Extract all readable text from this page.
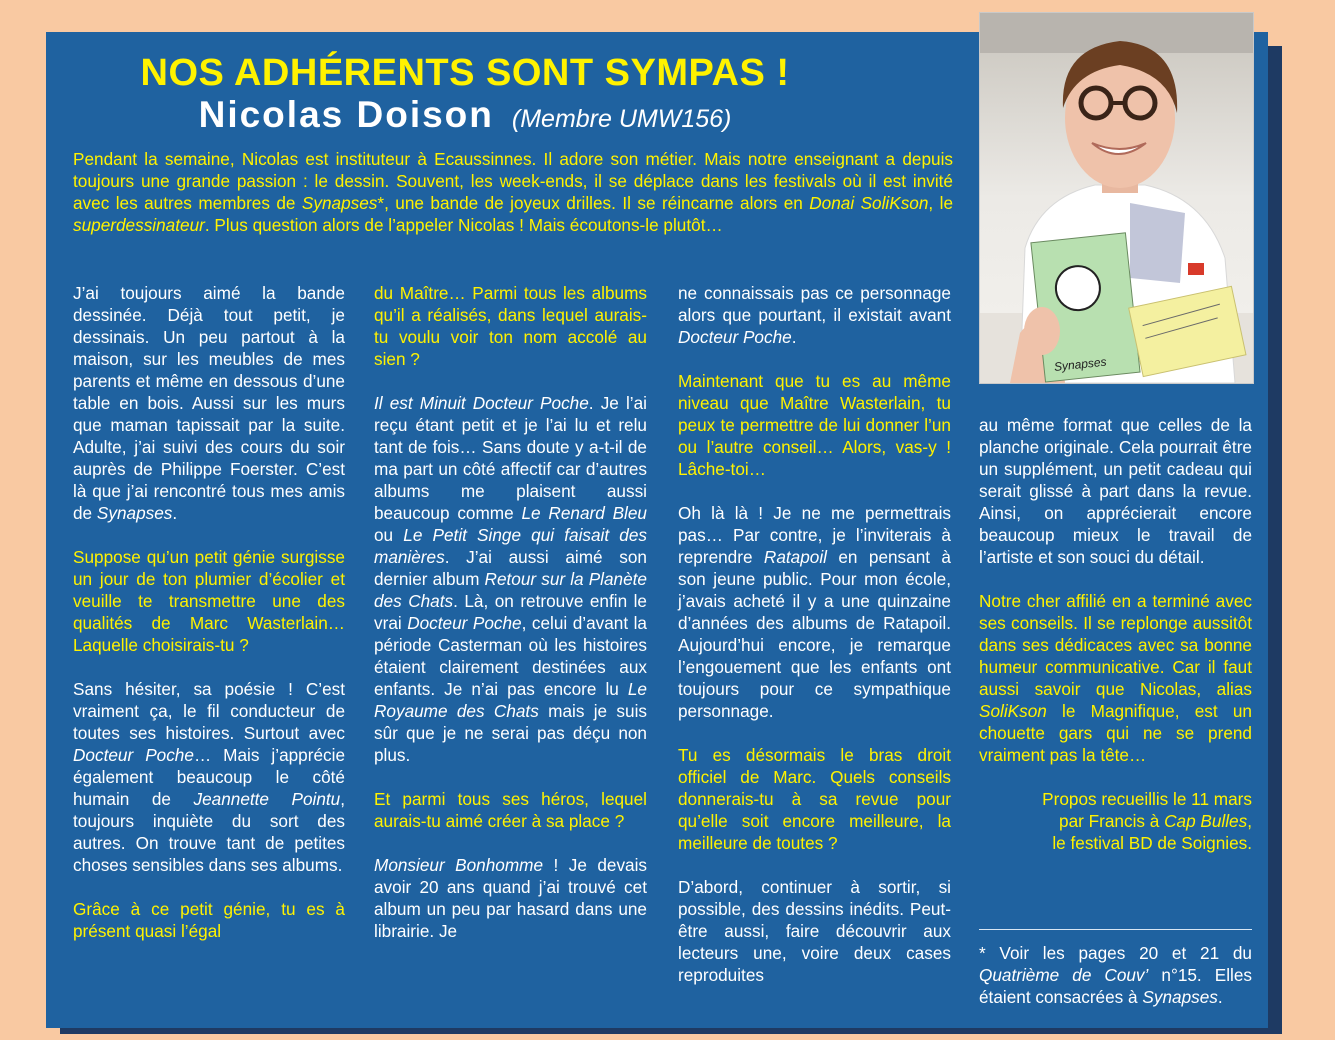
NOS ADHÉRENTS SONT SYMPAS !
Nicolas Doison (Membre UMW156)

Pendant la semaine, Nicolas est instituteur à Ecaussinnes. Il adore son métier. Mais notre enseignant a depuis toujours une grande passion : le dessin. Souvent, les week-ends, il se déplace dans les festivals où il est invité avec les autres membres de Synapses*, une bande de joyeux drilles. Il se réincarne alors en Donai SoliKson, le superdessinateur. Plus question alors de l’appeler Nicolas ! Mais écoutons-le plutôt…

J’ai toujours aimé la bande dessinée. Déjà tout petit, je dessinais. Un peu partout à la maison, sur les meubles de mes parents et même en dessous d’une table en bois. Aussi sur les murs que maman tapissait par la suite. Adulte, j’ai suivi des cours du soir auprès de Philippe Foerster. C’est là que j’ai rencontré tous mes amis de Synapses.

Suppose qu’un petit génie surgisse un jour de ton plumier d’écolier et veuille te transmettre une des qualités de Marc Wasterlain… Laquelle choisirais-tu ?

Sans hésiter, sa poésie ! C’est vraiment ça, le fil conducteur de toutes ses histoires. Surtout avec Docteur Poche… Mais j’apprécie également beaucoup le côté humain de Jeannette Pointu, toujours inquiète du sort des autres. On trouve tant de petites choses sensibles dans ses albums.

Grâce à ce petit génie, tu es à présent quasi l’égal

du Maître… Parmi tous les albums qu’il a réalisés, dans lequel aurais-tu voulu voir ton nom accolé au sien ?

Il est Minuit Docteur Poche. Je l’ai reçu étant petit et je l’ai lu et relu tant de fois… Sans doute y a-t-il de ma part un côté affectif car d’autres albums me plaisent aussi beaucoup comme Le Renard Bleu ou Le Petit Singe qui faisait des manières. J’ai aussi aimé son dernier album Retour sur la Planète des Chats. Là, on retrouve enfin le vrai Docteur Poche, celui d’avant la période Casterman où les histoires étaient clairement destinées aux enfants. Je n’ai pas encore lu Le Royaume des Chats mais je suis sûr que je ne serai pas déçu non plus.

Et parmi tous ses héros, lequel aurais-tu aimé créer à sa place ?

Monsieur Bonhomme ! Je devais avoir 20 ans quand j’ai trouvé cet album un peu par hasard dans une librairie. Je

ne connaissais pas ce personnage alors que pourtant, il existait avant Docteur Poche.

Maintenant que tu es au même niveau que Maître Wasterlain, tu peux te permettre de lui donner l’un ou l’autre conseil… Alors, vas-y ! Lâche-toi…

Oh là là ! Je ne me permettrais pas… Par contre, je l’inviterais à reprendre Ratapoil en pensant à son jeune public. Pour mon école, j’avais acheté il y a une quinzaine d’années des albums de Ratapoil. Aujourd’hui encore, je remarque l’engouement que les enfants ont toujours pour ce sympathique personnage.

Tu es désormais le bras droit officiel de Marc. Quels conseils donnerais-tu à sa revue pour qu’elle soit encore meilleure, la meilleure de toutes ?

D’abord, continuer à sortir, si possible, des dessins inédits. Peut-être aussi, faire découvrir aux lecteurs une, voire deux cases reproduites

Synapses

au même format que celles de la planche originale. Cela pourrait être un supplément, un petit cadeau qui serait glissé à part dans la revue. Ainsi, on apprécierait encore beaucoup mieux le travail de l’artiste et son souci du détail.

Notre cher affilié en a terminé avec ses conseils. Il se replonge aussitôt dans ses dédicaces avec sa bonne humeur communicative. Car il faut aussi savoir que Nicolas, alias SoliKson le Magnifique, est un chouette gars qui ne se prend vraiment pas la tête…

Propos recueillis le 11 mars
par Francis à Cap Bulles,
le festival BD de Soignies.

* Voir les pages 20 et 21 du Quatrième de Couv’ n°15. Elles étaient consacrées à Synapses.
